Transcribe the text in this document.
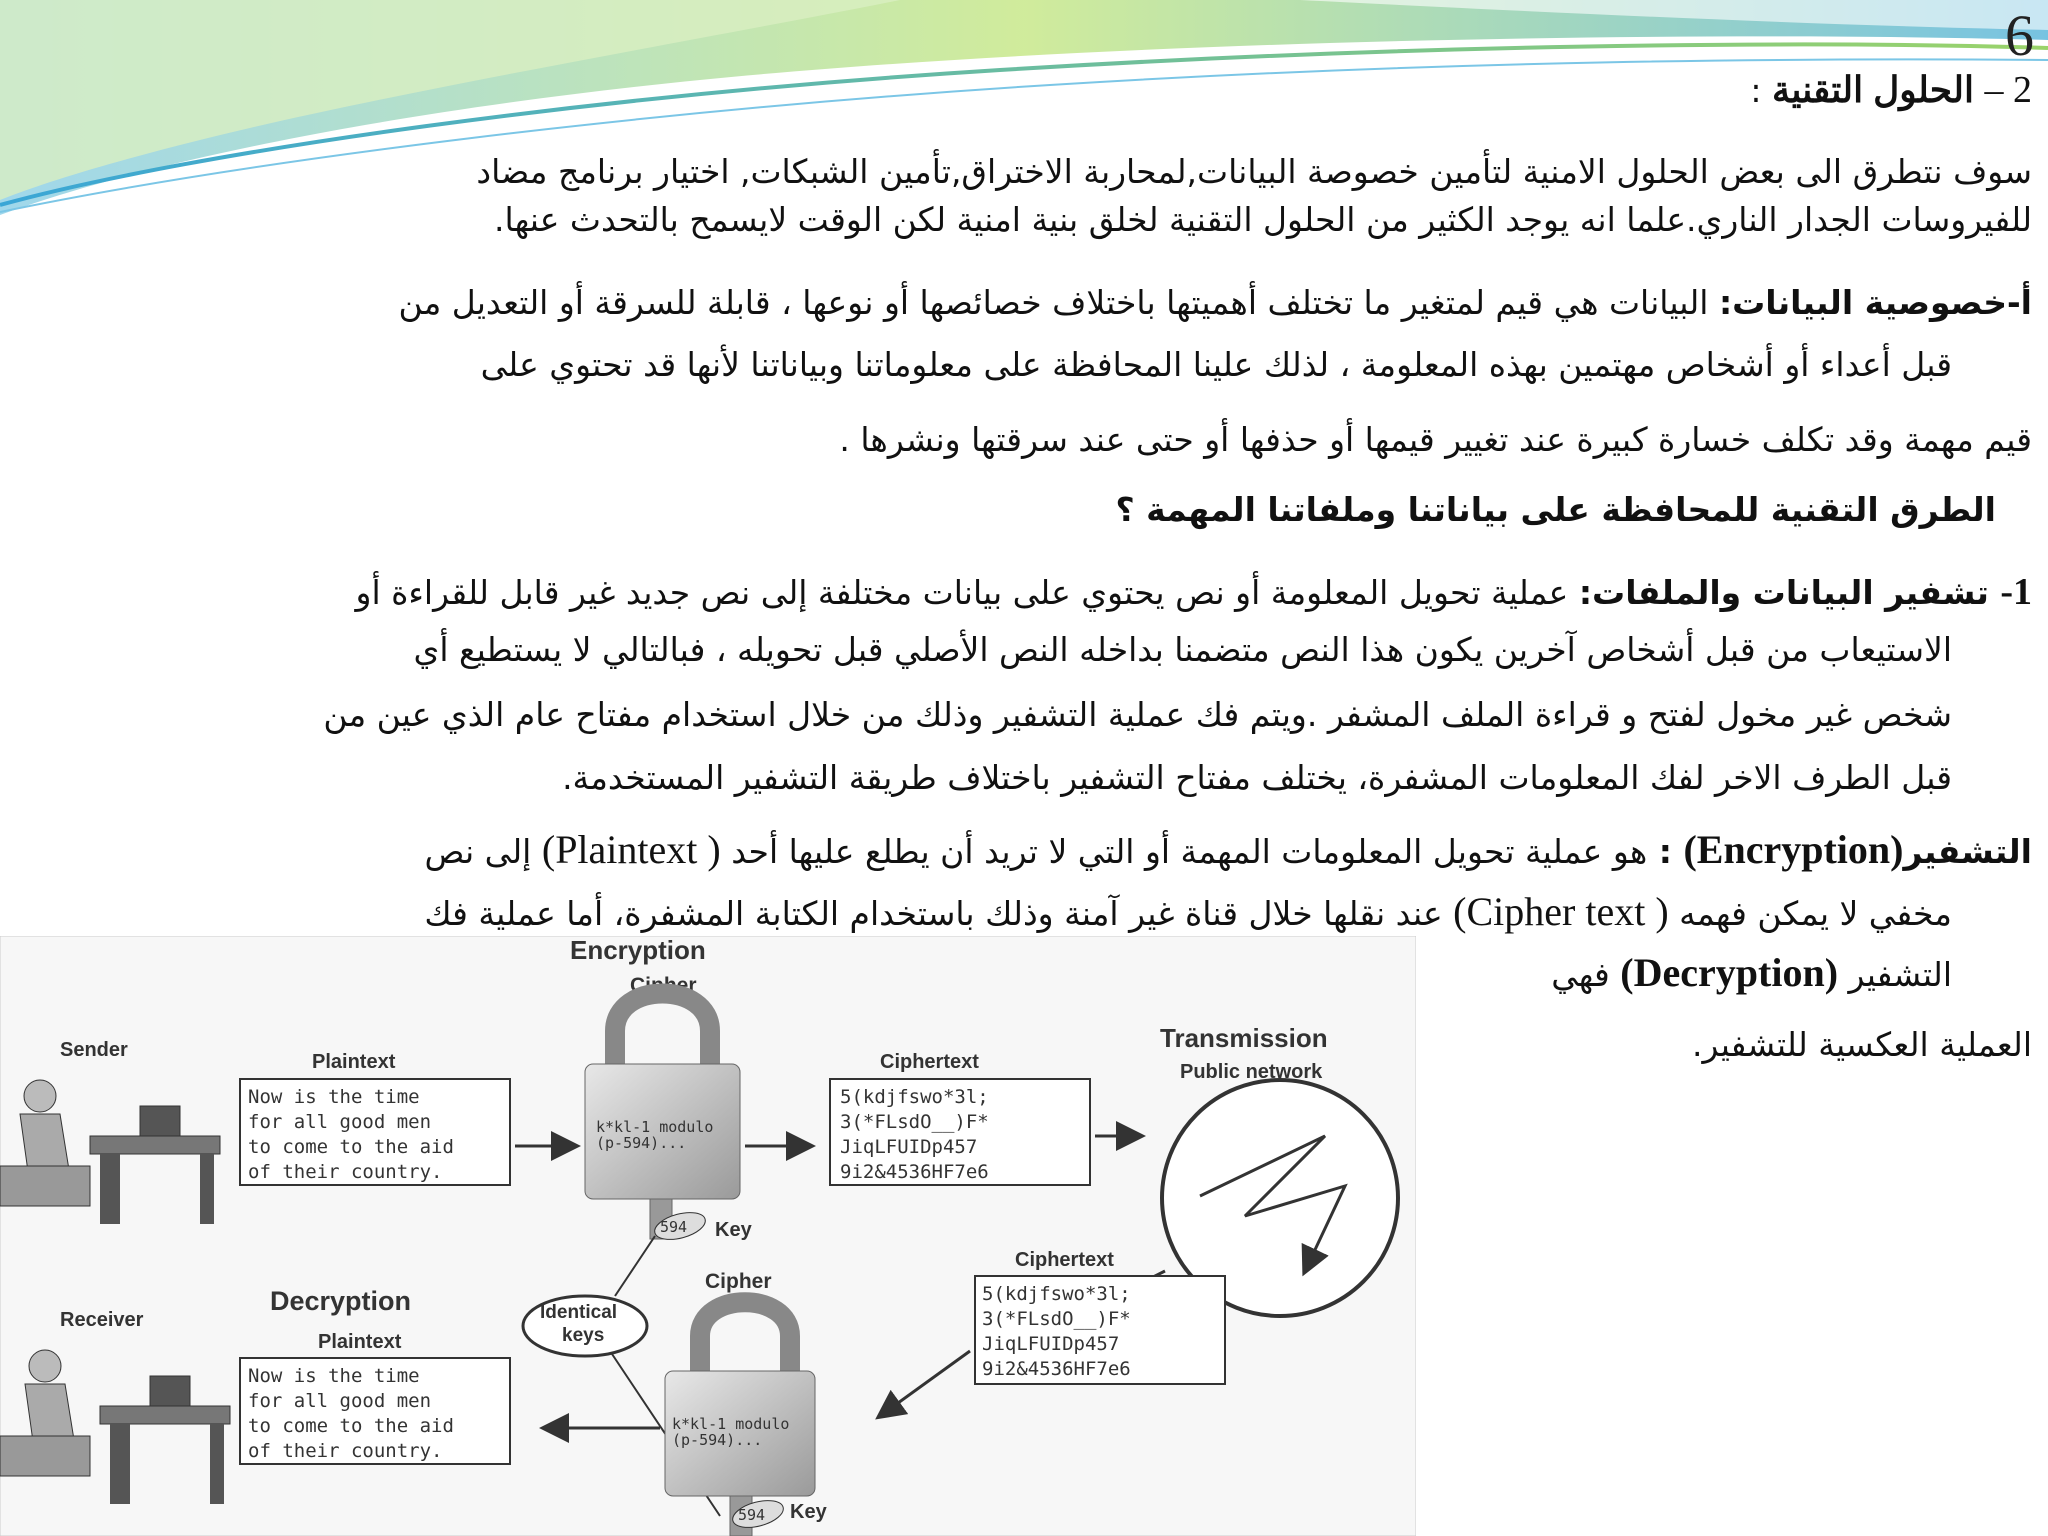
6
2 – الحلول التقنية :
سوف نتطرق الى بعض الحلول الامنية لتأمين خصوصة البيانات,لمحاربة الاختراق,تأمين الشبكات, اختيار برنامج مضاد
للفيروسات الجدار الناري.علما انه يوجد الكثير من الحلول التقنية لخلق بنية امنية لكن الوقت لايسمح بالتحدث عنها.
أ-خصوصية البيانات: البيانات هي قيم لمتغير ما تختلف أهميتها باختلاف خصائصها أو نوعها ، قابلة للسرقة أو التعديل من
قبل أعداء أو أشخاص مهتمين بهذه المعلومة ، لذلك علينا المحافظة على معلوماتنا وبياناتنا لأنها قد تحتوي على
قيم مهمة وقد تكلف خسارة كبيرة عند تغيير قيمها أو حذفها أو حتى عند سرقتها ونشرها .
الطرق التقنية للمحافظة على بياناتنا وملفاتنا المهمة ؟
1- تشفير البيانات والملفات: عملية تحويل المعلومة أو نص يحتوي على بيانات مختلفة إلى نص جديد غير قابل للقراءة أو
الاستيعاب من قبل أشخاص آخرين يكون هذا النص متضمنا بداخله النص الأصلي قبل تحويله ، فبالتالي لا يستطيع أي
شخص غير مخول لفتح و قراءة الملف المشفر .ويتم فك عملية التشفير وذلك من خلال استخدام مفتاح عام الذي عين من
قبل الطرف الاخر لفك المعلومات المشفرة، يختلف مفتاح التشفير باختلاف طريقة التشفير المستخدمة.
التشفير(Encryption) : هو عملية تحويل المعلومات المهمة أو التي لا تريد أن يطلع عليها أحد ( Plaintext) إلى نص
مخفي لا يمكن فهمه ( Cipher text) عند نقلها خلال قناة غير آمنة وذلك باستخدام الكتابة المشفرة، أما عملية فك
التشفير (Decryption) فهي
العملية العكسية للتشفير.
Encryption
Cipher
Sender
Plaintext
Now is the time
for all good men
to come to the aid
of their country.
k*kl-1 modulo
(p-594)...
594 Key
Ciphertext
5(kdjfswo*3l;
3(*FLsdO__)F*
JiqLFUIDp457
9i2&4536HF7e6
Transmission
Public network
Identical
keys
Cipher
k*kl-1 modulo
(p-594)...
Ciphertext
5(kdjfswo*3l;
3(*FLsdO__)F*
JiqLFUIDp457
9i2&4536HF7e6
Receiver
Decryption
Plaintext
Now is the time
for all good men
to come to the aid
of their country.
594 Key
